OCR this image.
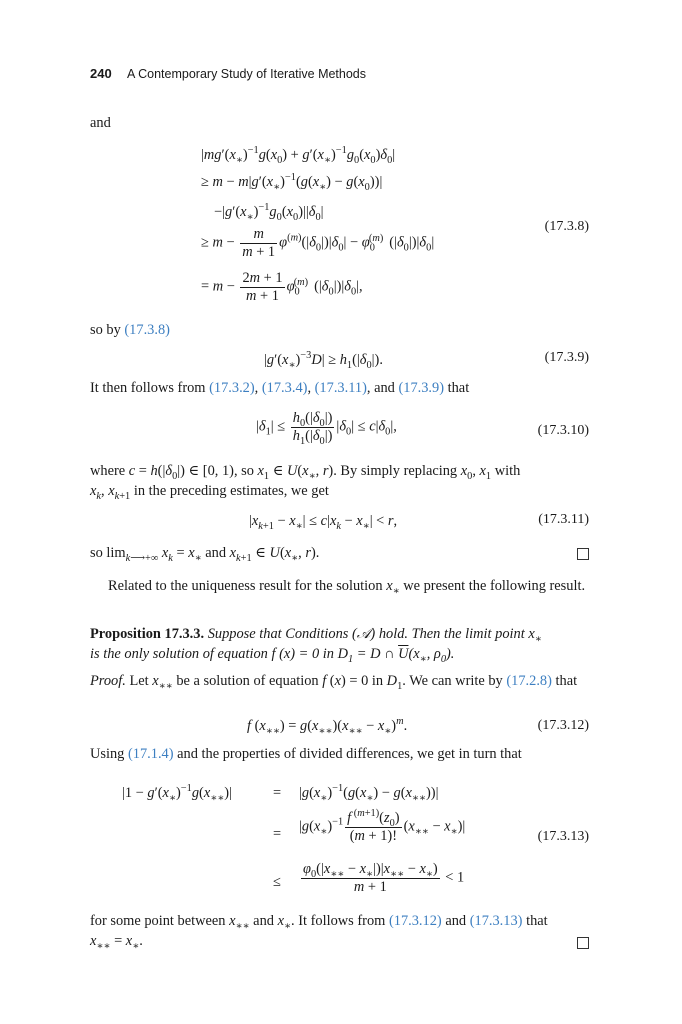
240 A Contemporary Study of Iterative Methods
and
$|mg'(x_∗)^{-1}g(x_0) + g'(x_∗)^{-1}g_0(x_0)\delta_0|$
≥ $m - m|g'(x_∗)^{-1}(g(x_∗) - g(x_0))|$
$-|g'(x_∗)^{-1}g_0(x_0)||\delta_0|$
≥ $m - \frac{m}{m + 1} \varphi^{(m)}(|\delta_0|)|\delta_0| - \varphi_0^{(m)}$ $(|\delta_0|)|\delta_0|$
= $m - \frac{2m + 1}{m + 1} \varphi_0^{(m)}$ $(|\delta_0|)|\delta_0|$,
(17.3.8)
so by (17.3.8)
$|g'(x_∗)^{-3}D| \ge h_1(|\delta_0|)$.	(17.3.9)
It then follows from (17.3.2), (17.3.4), (17.3.11), and (17.3.9) that
$|\delta_1| \le \frac{h_0(|\delta_0|)}{h_1(|\delta_0|)} |\delta_0| \le c|\delta_0|$,	(17.3.10)
where $c = h(|\delta_0|)$ ∈ [0, 1), so $x_1$ ∈ $U(x_∗$, r). By simply replacing $x_0$, $x_1$ with
$x_k$, $x_{k+1}$ in the preceding estimates, we get
$|x_{k+1} - x_∗| \le c|x_k - x_∗| < r$,	(17.3.11)
so $\lim_{k⟶+\infty} x_k = x_∗$ and $x_{k+1}$ ∈ $U(x_∗$, r).
Related to the uniqueness result for the solution $x_∗$ we present the following result.
Proposition 17.3.3. Suppose that Conditions (𝒜) hold. Then the limit point $x_∗$
is the only solution of equation f (x) = 0 in $D_1 = D$ ∩ $\overline{U}(x_∗$, $\rho_0$).
Proof. Let $x_{∗∗}$ be a solution of equation f (x) = 0 in $D_1$. We can write by (17.2.8) that
f $(x_{∗∗}) = g(x_{∗∗})(x_{∗∗} - x_∗)^m$.	(17.3.12)
Using (17.1.4) and the properties of divided differences, we get in turn that
$|1 - g'(x_∗)^{-1}g(x_{∗∗})|$	= $|g(x_∗)^{-1}(g(x_∗) - g(x_{∗∗}))|$
= $|g(x_∗)^{-1} \frac{f ^{(m+1)}(z_0)}{(m + 1)!} (x_{∗∗} - x_∗)|$
(17.3.13)
≤ $\frac{\varphi_0(|x_{∗∗} - x_∗|)|x_{∗∗} - x_∗)}{m + 1} < 1$
for some point between $x_{∗∗}$ and $x_∗$. It follows from (17.3.12) and (17.3.13) that
$x_{∗∗} = x_∗$.
